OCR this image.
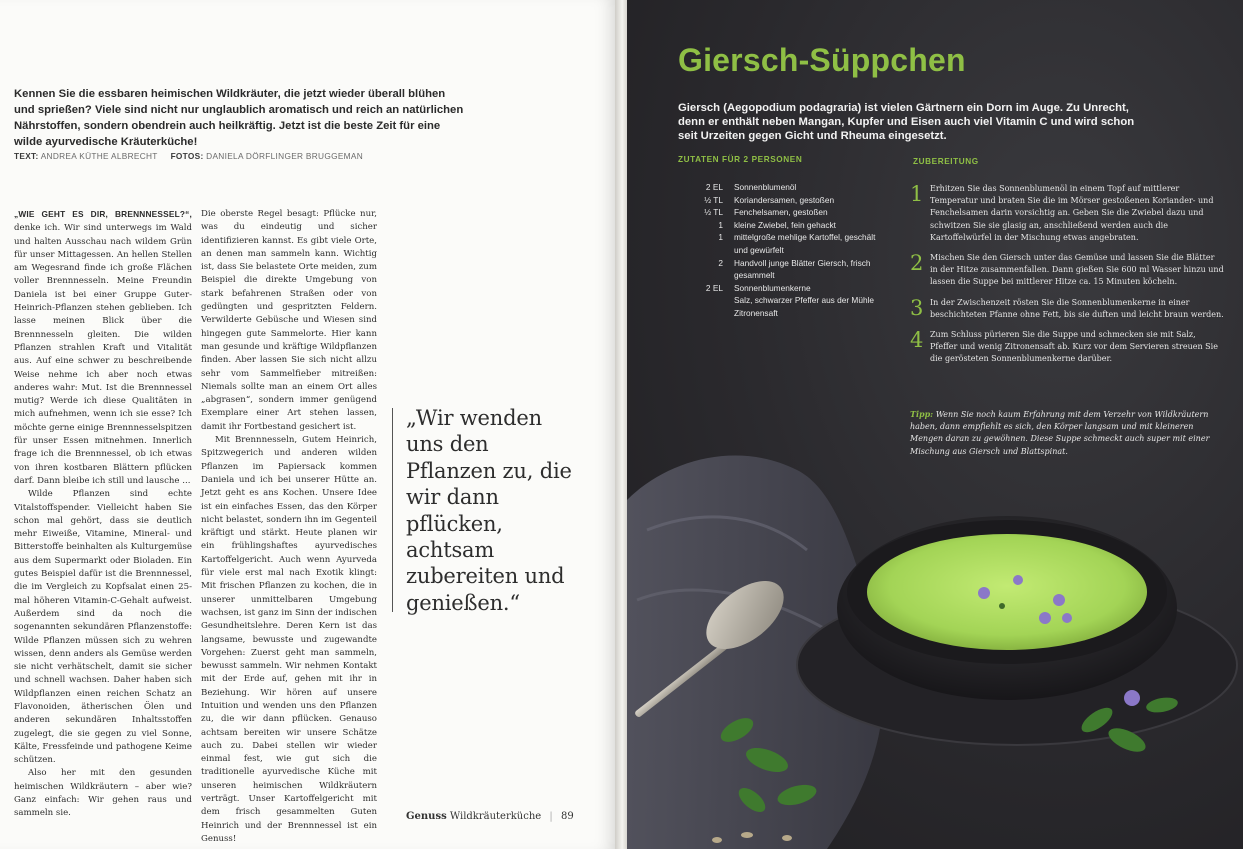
Kennen Sie die essbaren heimischen Wildkräuter, die jetzt wieder überall blühen und sprießen? Viele sind nicht nur unglaublich aromatisch und reich an natürlichen Nährstoffen, sondern obendrein auch heilkräftig. Jetzt ist die beste Zeit für eine wilde ayurvedische Kräuterküche!

TEXT: ANDREA KÜTHE ALBRECHT FOTOS: DANIELA DÖRFLINGER BRUGGEMAN

„WIE GEHT ES DIR, BRENNNESSEL?“, denke ich. Wir sind unterwegs im Wald und halten Ausschau nach wildem Grün für unser Mittagessen. An hellen Stellen am Wegesrand finde ich große Flächen voller Brennnesseln. Meine Freundin Daniela ist bei einer Gruppe Guter-Heinrich-Pflanzen stehen geblieben. Ich lasse meinen Blick über die Brennnesseln gleiten. Die wilden Pflanzen strahlen Kraft und Vitalität aus. Auf eine schwer zu beschreibende Weise nehme ich aber noch etwas anderes wahr: Mut. Ist die Brennnessel mutig? Werde ich diese Qualitäten in mich aufnehmen, wenn ich sie esse? Ich möchte gerne einige Brennnesselspitzen für unser Essen mitnehmen. Innerlich frage ich die Brennnessel, ob ich etwas von ihren kostbaren Blättern pflücken darf. Dann bleibe ich still und lausche ...

Wilde Pflanzen sind echte Vitalstoffspender. Vielleicht haben Sie schon mal gehört, dass sie deutlich mehr Eiweiße, Vitamine, Mineral- und Bitterstoffe beinhalten als Kulturgemüse aus dem Supermarkt oder Bioladen. Ein gutes Beispiel dafür ist die Brennnessel, die im Vergleich zu Kopfsalat einen 25-mal höheren Vitamin-C-Gehalt aufweist. Außerdem sind da noch die sogenannten sekundären Pflanzenstoffe: Wilde Pflanzen müssen sich zu wehren wissen, denn anders als Gemüse werden sie nicht verhätschelt, damit sie sicher und schnell wachsen. Daher haben sich Wildpflanzen einen reichen Schatz an Flavonoiden, ätherischen Ölen und anderen sekundären Inhaltsstoffen zugelegt, die sie gegen zu viel Sonne, Kälte, Fressfeinde und pathogene Keime schützen.

Also her mit den gesunden heimischen Wildkräutern – aber wie? Ganz einfach: Wir gehen raus und sammeln sie.

Die oberste Regel besagt: Pflücke nur, was du eindeutig und sicher identifizieren kannst. Es gibt viele Orte, an denen man sammeln kann. Wichtig ist, dass Sie belastete Orte meiden, zum Beispiel die direkte Umgebung von stark befahrenen Straßen oder von gedüngten und gespritzten Feldern. Verwilderte Gebüsche und Wiesen sind hingegen gute Sammelorte. Hier kann man gesunde und kräftige Wildpflanzen finden. Aber lassen Sie sich nicht allzu sehr vom Sammelfieber mitreißen: Niemals sollte man an einem Ort alles „abgrasen“, sondern immer genügend Exemplare einer Art stehen lassen, damit ihr Fortbestand gesichert ist.

Mit Brennnesseln, Gutem Heinrich, Spitzwegerich und anderen wilden Pflanzen im Papiersack kommen Daniela und ich bei unserer Hütte an. Jetzt geht es ans Kochen. Unsere Idee ist ein einfaches Essen, das den Körper nicht belastet, sondern ihn im Gegenteil kräftigt und stärkt. Heute planen wir ein frühlingshaftes ayurvedisches Kartoffelgericht. Auch wenn Ayurveda für viele erst mal nach Exotik klingt: Mit frischen Pflanzen zu kochen, die in unserer unmittelbaren Umgebung wachsen, ist ganz im Sinn der indischen Gesundheitslehre. Deren Kern ist das langsame, bewusste und zugewandte Vorgehen: Zuerst geht man sammeln, bewusst sammeln. Wir nehmen Kontakt mit der Erde auf, gehen mit ihr in Beziehung. Wir hören auf unsere Intuition und wenden uns den Pflanzen zu, die wir dann pflücken. Genauso achtsam bereiten wir unsere Schätze auch zu. Dabei stellen wir wieder einmal fest, wie gut sich die traditionelle ayurvedische Küche mit unseren heimischen Wildkräutern verträgt. Unser Kartoffelgericht mit dem frisch gesammelten Guten Heinrich und der Brennnessel ist ein Genuss!

„Wir wenden uns den Pflanzen zu, die wir dann pflücken, achtsam zubereiten und genießen.“
Genuss Wildkräuterküche | 89
Giersch-Süppchen

Giersch (Aegopodium podagraria) ist vielen Gärtnern ein Dorn im Auge. Zu Unrecht, denn er enthält neben Mangan, Kupfer und Eisen auch viel Vitamin C und wird schon seit Urzeiten gegen Gicht und Rheuma eingesetzt.

ZUTATEN FÜR 2 PERSONEN	ZUBEREITUNG
2 EL	Sonnenblumenöl
½ TL	Koriandersamen, gestoßen
½ TL	Fenchelsamen, gestoßen
1	kleine Zwiebel, fein gehackt
1	mittelgroße mehlige Kartoffel, geschält und gewürfelt
2	Handvoll junge Blätter Giersch, frisch gesammelt
2 EL	Sonnenblumenkerne
Salz, schwarzer Pfeffer aus der Mühle
Zitronensaft
1 Erhitzen Sie das Sonnenblumenöl in einem Topf auf mittlerer Temperatur und braten Sie die im Mörser gestoßenen Koriander- und Fenchelsamen darin vorsichtig an. Geben Sie die Zwiebel dazu und schwitzen Sie sie glasig an, anschließend werden auch die Kartoffelwürfel in der Mischung etwas angebraten.
2 Mischen Sie den Giersch unter das Gemüse und lassen Sie die Blätter in der Hitze zusammenfallen. Dann gießen Sie 600 ml Wasser hinzu und lassen die Suppe bei mittlerer Hitze ca. 15 Minuten köcheln.
3 In der Zwischenzeit rösten Sie die Sonnenblumenkerne in einer beschichteten Pfanne ohne Fett, bis sie duften und leicht braun werden.
4 Zum Schluss pürieren Sie die Suppe und schmecken sie mit Salz, Pfeffer und wenig Zitronensaft ab. Kurz vor dem Servieren streuen Sie die gerösteten Sonnenblumenkerne darüber.
Tipp: Wenn Sie noch kaum Erfahrung mit dem Verzehr von Wildkräutern haben, dann empfiehlt es sich, den Körper langsam und mit kleineren Mengen daran zu gewöhnen. Diese Suppe schmeckt auch super mit einer Mischung aus Giersch und Blattspinat.
